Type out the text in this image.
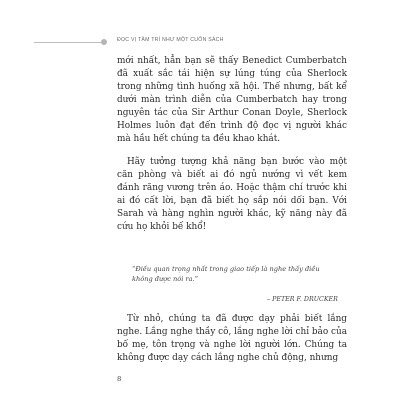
ĐỌC VỊ TÂM TRÍ NHƯ MỘT CUỐN SÁCH

mới nhất, hẳn bạn sẽ thấy Benedict Cumberbatch đã xuất sắc tái hiện sự lúng túng của Sherlock trong những tình huống xã hội. Thế nhưng, bất kể dưới màn trình diễn của Cumberbatch hay trong nguyên tác của Sir Arthur Conan Doyle, Sherlock Holmes luôn đạt đến trình độ đọc vị người khác mà hầu hết chúng ta đều khao khát.

Hãy tưởng tượng khả năng bạn bước vào một căn phòng và biết ai đó ngủ nướng vì vết kem đánh răng vương trên áo. Hoặc thậm chí trước khi ai đó cất lời, bạn đã biết họ sắp nói dối bạn. Với Sarah và hàng nghìn người khác, kỹ năng này đã cứu họ khỏi bế khổ!

“Điều quan trọng nhất trong giao tiếp là nghe thấy điều không được nói ra.”
– PETER F. DRUCKER

Từ nhỏ, chúng ta đã được dạy phải biết lắng nghe. Lắng nghe thầy cô, lắng nghe lời chỉ bảo của bố mẹ, tôn trọng và nghe lời người lớn. Chúng ta không được dạy cách lắng nghe chủ động, nhưng

8
